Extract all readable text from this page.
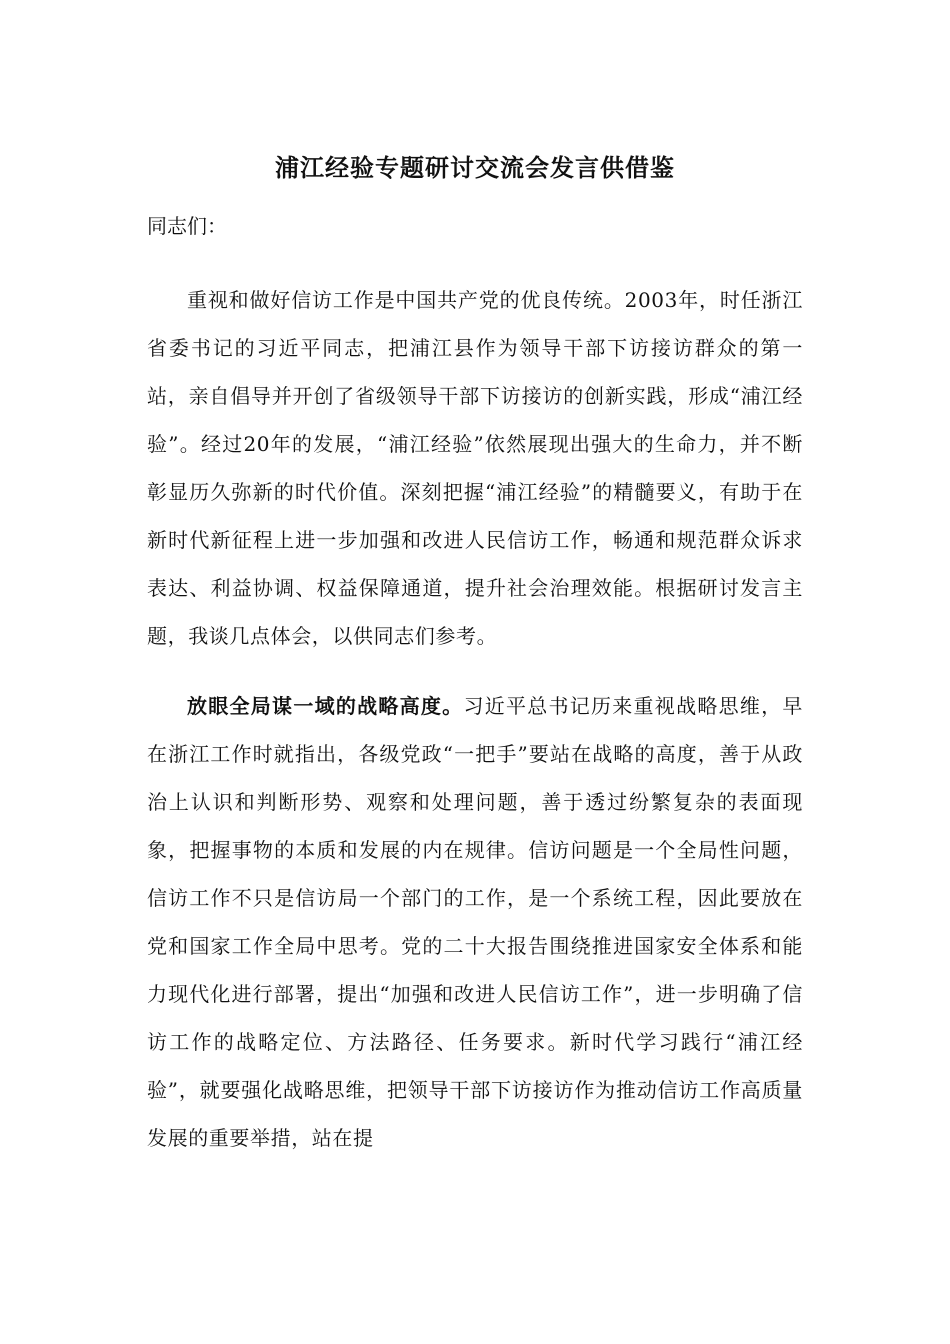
浦江经验专题研讨交流会发言供借鉴

同志们：

重视和做好信访工作是中国共产党的优良传统。2003年，时任浙江省委书记的习近平同志，把浦江县作为领导干部下访接访群众的第一站，亲自倡导并开创了省级领导干部下访接访的创新实践，形成“浦江经验”。经过20年的发展，“浦江经验”依然展现出强大的生命力，并不断彰显历久弥新的时代价值。深刻把握“浦江经验”的精髓要义，有助于在新时代新征程上进一步加强和改进人民信访工作，畅通和规范群众诉求表达、利益协调、权益保障通道，提升社会治理效能。根据研讨发言主题，我谈几点体会，以供同志们参考。

放眼全局谋一域的战略高度。习近平总书记历来重视战略思维，早在浙江工作时就指出，各级党政“一把手”要站在战略的高度，善于从政治上认识和判断形势、观察和处理问题，善于透过纷繁复杂的表面现象，把握事物的本质和发展的内在规律。信访问题是一个全局性问题，信访工作不只是信访局一个部门的工作，是一个系统工程，因此要放在党和国家工作全局中思考。党的二十大报告围绕推进国家安全体系和能力现代化进行部署，提出“加强和改进人民信访工作”，进一步明确了信访工作的战略定位、方法路径、任务要求。新时代学习践行“浦江经验”，就要强化战略思维，把领导干部下访接访作为推动信访工作高质量发展的重要举措，站在提
